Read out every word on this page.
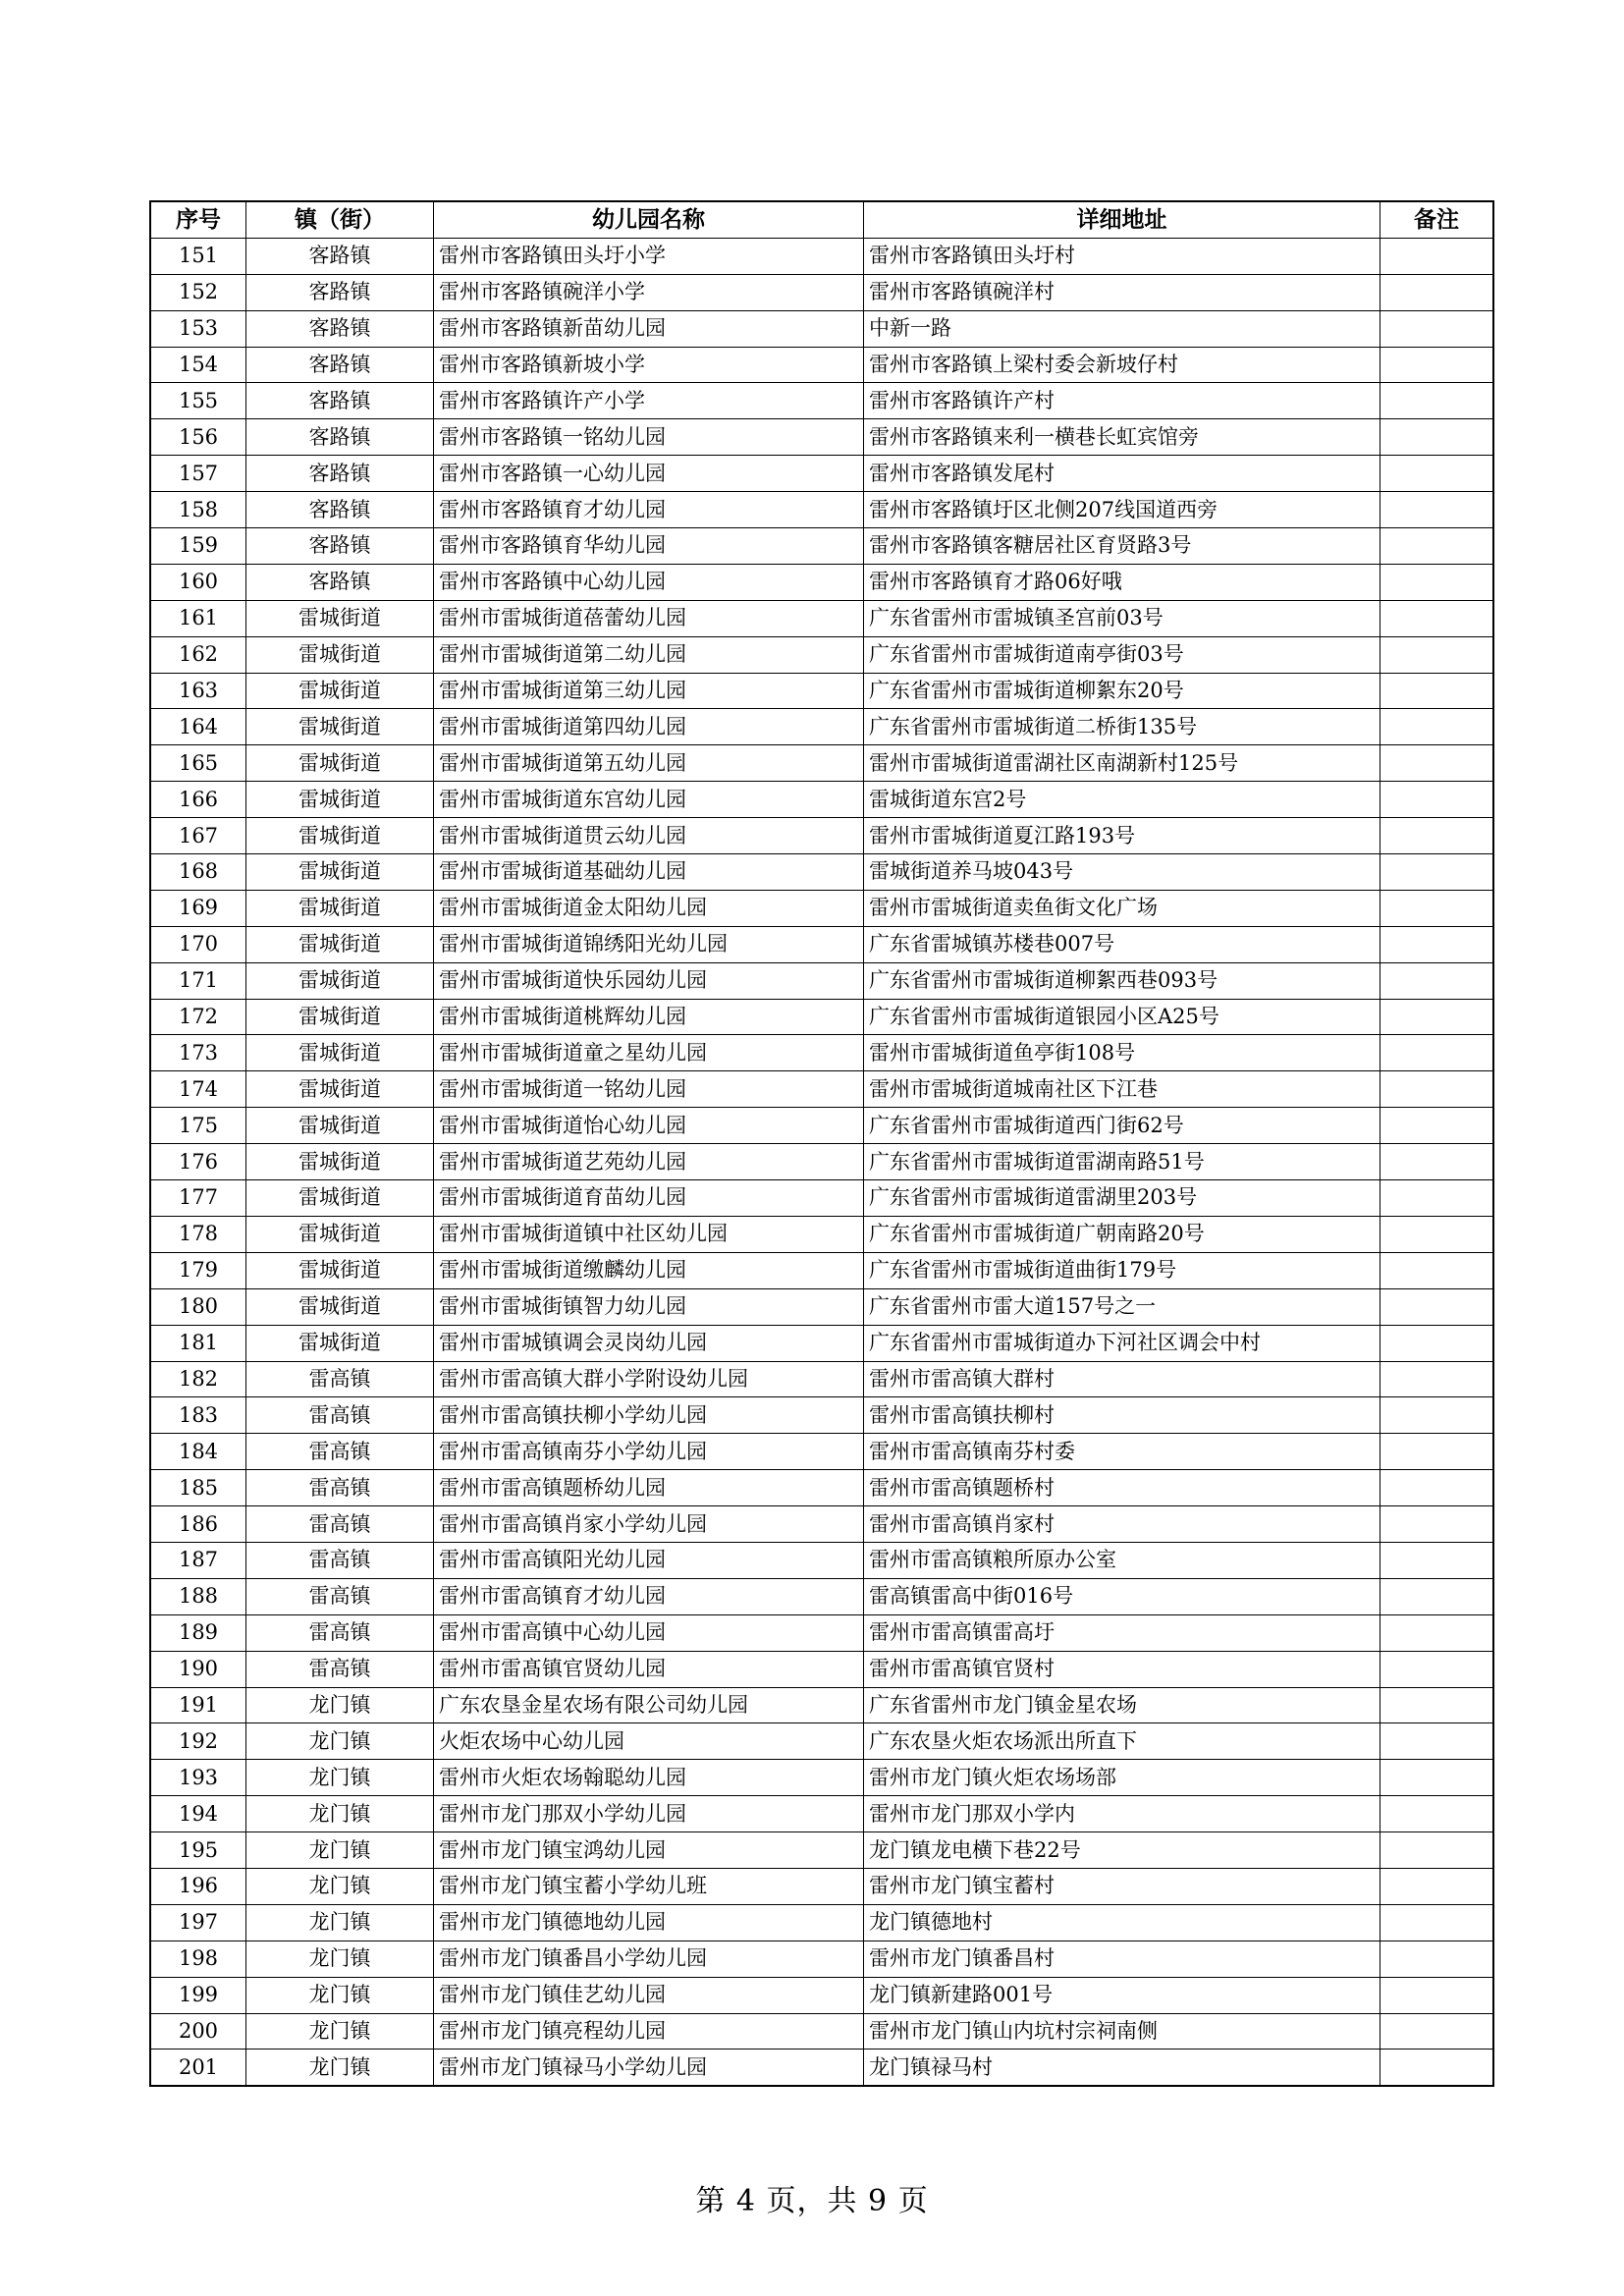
序号	镇（街）	幼儿园名称	详细地址	备注
151	客路镇	雷州市客路镇田头圩小学	雷州市客路镇田头圩村	
152	客路镇	雷州市客路镇碗洋小学	雷州市客路镇碗洋村	
153	客路镇	雷州市客路镇新苗幼儿园	中新一路	
154	客路镇	雷州市客路镇新坡小学	雷州市客路镇上梁村委会新坡仔村	
155	客路镇	雷州市客路镇许产小学	雷州市客路镇许产村	
156	客路镇	雷州市客路镇一铭幼儿园	雷州市客路镇来利一横巷长虹宾馆旁	
157	客路镇	雷州市客路镇一心幼儿园	雷州市客路镇发尾村	
158	客路镇	雷州市客路镇育才幼儿园	雷州市客路镇圩区北侧207线国道西旁	
159	客路镇	雷州市客路镇育华幼儿园	雷州市客路镇客糖居社区育贤路3号	
160	客路镇	雷州市客路镇中心幼儿园	雷州市客路镇育才路06好哦	
161	雷城街道	雷州市雷城街道蓓蕾幼儿园	广东省雷州市雷城镇圣宫前03号	
162	雷城街道	雷州市雷城街道第二幼儿园	广东省雷州市雷城街道南亭街03号	
163	雷城街道	雷州市雷城街道第三幼儿园	广东省雷州市雷城街道柳絮东20号	
164	雷城街道	雷州市雷城街道第四幼儿园	广东省雷州市雷城街道二桥街135号	
165	雷城街道	雷州市雷城街道第五幼儿园	雷州市雷城街道雷湖社区南湖新村125号	
166	雷城街道	雷州市雷城街道东宫幼儿园	雷城街道东宫2号	
167	雷城街道	雷州市雷城街道贯云幼儿园	雷州市雷城街道夏江路193号	
168	雷城街道	雷州市雷城街道基础幼儿园	雷城街道养马坡043号	
169	雷城街道	雷州市雷城街道金太阳幼儿园	雷州市雷城街道卖鱼街文化广场	
170	雷城街道	雷州市雷城街道锦绣阳光幼儿园	广东省雷城镇苏楼巷007号	
171	雷城街道	雷州市雷城街道快乐园幼儿园	广东省雷州市雷城街道柳絮西巷093号	
172	雷城街道	雷州市雷城街道桃辉幼儿园	广东省雷州市雷城街道银园小区A25号	
173	雷城街道	雷州市雷城街道童之星幼儿园	雷州市雷城街道鱼亭街108号	
174	雷城街道	雷州市雷城街道一铭幼儿园	雷州市雷城街道城南社区下江巷	
175	雷城街道	雷州市雷城街道怡心幼儿园	广东省雷州市雷城街道西门街62号	
176	雷城街道	雷州市雷城街道艺苑幼儿园	广东省雷州市雷城街道雷湖南路51号	
177	雷城街道	雷州市雷城街道育苗幼儿园	广东省雷州市雷城街道雷湖里203号	
178	雷城街道	雷州市雷城街道镇中社区幼儿园	广东省雷州市雷城街道广朝南路20号	
179	雷城街道	雷州市雷城街道缴麟幼儿园	广东省雷州市雷城街道曲街179号	
180	雷城街道	雷州市雷城街镇智力幼儿园	广东省雷州市雷大道157号之一	
181	雷城街道	雷州市雷城镇调会灵岗幼儿园	广东省雷州市雷城街道办下河社区调会中村	
182	雷高镇	雷州市雷高镇大群小学附设幼儿园	雷州市雷高镇大群村	
183	雷高镇	雷州市雷高镇扶柳小学幼儿园	雷州市雷高镇扶柳村	
184	雷高镇	雷州市雷高镇南芬小学幼儿园	雷州市雷高镇南芬村委	
185	雷高镇	雷州市雷高镇题桥幼儿园	雷州市雷高镇题桥村	
186	雷高镇	雷州市雷高镇肖家小学幼儿园	雷州市雷高镇肖家村	
187	雷高镇	雷州市雷高镇阳光幼儿园	雷州市雷高镇粮所原办公室	
188	雷高镇	雷州市雷高镇育才幼儿园	雷高镇雷高中街016号	
189	雷高镇	雷州市雷高镇中心幼儿园	雷州市雷高镇雷高圩	
190	雷高镇	雷州市雷髙镇官贤幼儿园	雷州市雷髙镇官贤村	
191	龙门镇	广东农垦金星农场有限公司幼儿园	广东省雷州市龙门镇金星农场	
192	龙门镇	火炬农场中心幼儿园	广东农垦火炬农场派出所直下	
193	龙门镇	雷州市火炬农场翰聪幼儿园	雷州市龙门镇火炬农场场部	
194	龙门镇	雷州市龙门那双小学幼儿园	雷州市龙门那双小学内	
195	龙门镇	雷州市龙门镇宝鸿幼儿园	龙门镇龙电横下巷22号	
196	龙门镇	雷州市龙门镇宝蓄小学幼儿班	雷州市龙门镇宝蓄村	
197	龙门镇	雷州市龙门镇德地幼儿园	龙门镇德地村	
198	龙门镇	雷州市龙门镇番昌小学幼儿园	雷州市龙门镇番昌村	
199	龙门镇	雷州市龙门镇佳艺幼儿园	龙门镇新建路001号	
200	龙门镇	雷州市龙门镇亮程幼儿园	雷州市龙门镇山内坑村宗祠南侧	
201	龙门镇	雷州市龙门镇禄马小学幼儿园	龙门镇禄马村	
第 4 页，共 9 页
